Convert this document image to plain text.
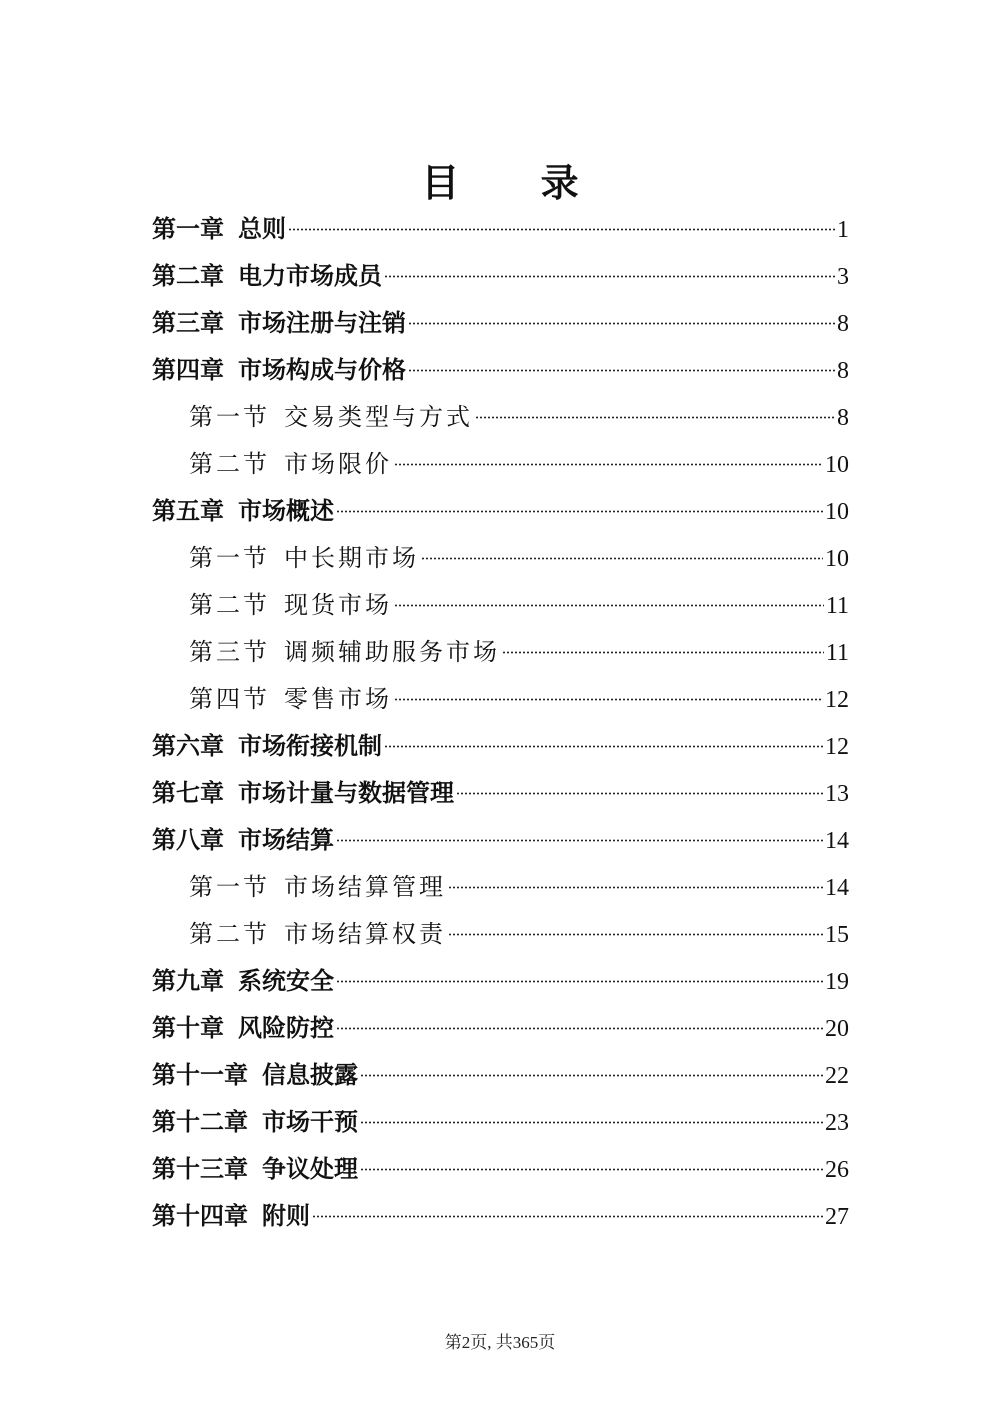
目 录
第一章 总则	1
第二章 电力市场成员	3
第三章 市场注册与注销	8
第四章 市场构成与价格	8
第一节 交易类型与方式	8
第二节 市场限价	10
第五章 市场概述	10
第一节 中长期市场	10
第二节 现货市场	11
第三节 调频辅助服务市场	11
第四节 零售市场	12
第六章 市场衔接机制	12
第七章 市场计量与数据管理	13
第八章 市场结算	14
第一节 市场结算管理	14
第二节 市场结算权责	15
第九章 系统安全	19
第十章 风险防控	20
第十一章 信息披露	22
第十二章 市场干预	23
第十三章 争议处理	26
第十四章 附则	27
第2页, 共365页
